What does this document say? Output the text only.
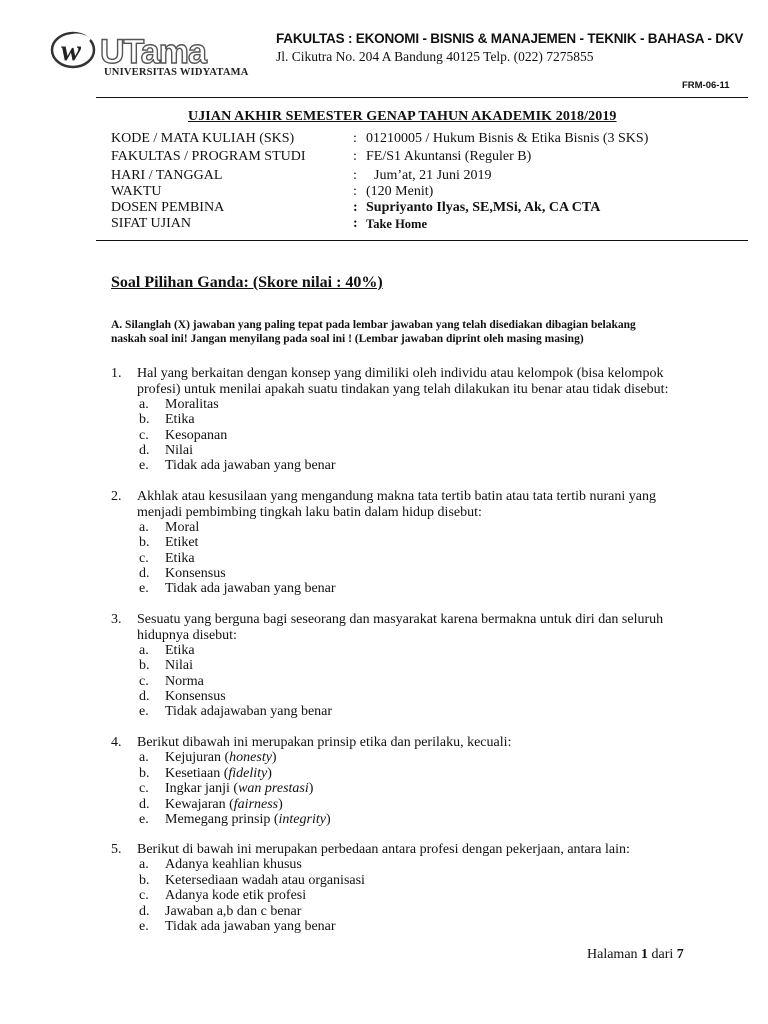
w UTama
UNIVERSITAS WIDYATAMA
FAKULTAS : EKONOMI - BISNIS & MANAJEMEN - TEKNIK - BAHASA - DKV
Jl. Cikutra No. 204 A Bandung 40125 Telp. (022) 7275855
FRM-06-11
UJIAN AKHIR SEMESTER GENAP TAHUN AKADEMIK 2018/2019
KODE / MATA KULIAH (SKS)	: 01210005 / Hukum Bisnis & Etika Bisnis (3 SKS)
FAKULTAS / PROGRAM STUDI	: FE/S1 Akuntansi (Reguler B)
HARI / TANGGAL	: Jum’at, 21 Juni 2019
WAKTU	: (120 Menit)
DOSEN PEMBINA	: Supriyanto Ilyas, SE,MSi, Ak, CA CTA
SIFAT UJIAN	: Take Home
Soal Pilihan Ganda: (Skore nilai : 40%)
A. Silanglah (X) jawaban yang paling tepat pada lembar jawaban yang telah disediakan dibagian belakang naskah soal ini! Jangan menyilang pada soal ini ! (Lembar jawaban diprint oleh masing masing)
1. Hal yang berkaitan dengan konsep yang dimiliki oleh individu atau kelompok (bisa kelompok profesi) untuk menilai apakah suatu tindakan yang telah dilakukan itu benar atau tidak disebut:
a. Moralitas
b. Etika
c. Kesopanan
d. Nilai
e. Tidak ada jawaban yang benar
2. Akhlak atau kesusilaan yang mengandung makna tata tertib batin atau tata tertib nurani yang menjadi pembimbing tingkah laku batin dalam hidup disebut:
a. Moral
b. Etiket
c. Etika
d. Konsensus
e. Tidak ada jawaban yang benar
3. Sesuatu yang berguna bagi seseorang dan masyarakat karena bermakna untuk diri dan seluruh hidupnya disebut:
a. Etika
b. Nilai
c. Norma
d. Konsensus
e. Tidak adajawaban yang benar
4. Berikut dibawah ini merupakan prinsip etika dan perilaku, kecuali:
a. Kejujuran (honesty)
b. Kesetiaan (fidelity)
c. Ingkar janji (wan prestasi)
d. Kewajaran (fairness)
e. Memegang prinsip (integrity)
5. Berikut di bawah ini merupakan perbedaan antara profesi dengan pekerjaan, antara lain:
a. Adanya keahlian khusus
b. Ketersediaan wadah atau organisasi
c. Adanya kode etik profesi
d. Jawaban a,b dan c benar
e. Tidak ada jawaban yang benar
Halaman 1 dari 7
